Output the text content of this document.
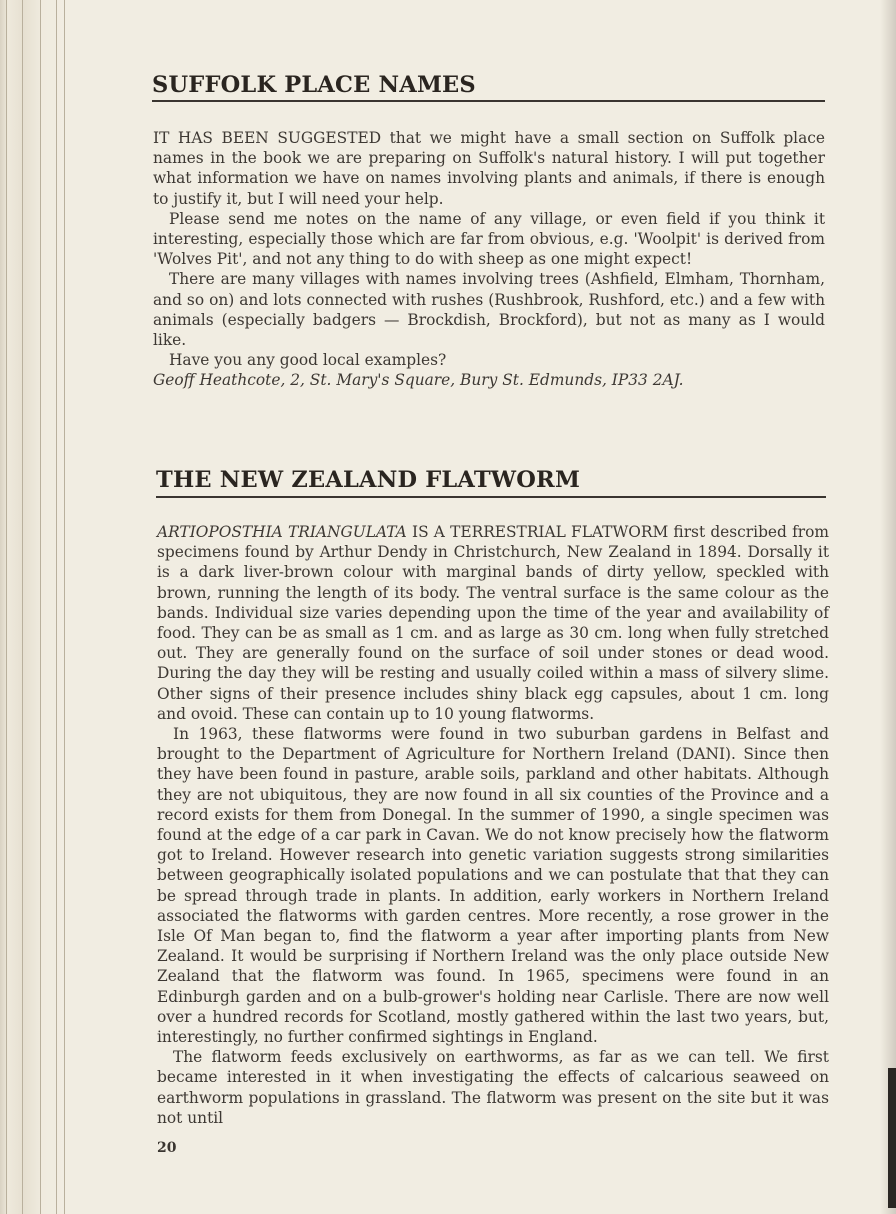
SUFFOLK PLACE NAMES

IT HAS BEEN SUGGESTED that we might have a small section on Suffolk place names in the book we are preparing on Suffolk's natural history. I will put together what information we have on names involving plants and animals, if there is enough to justify it, but I will need your help.

Please send me notes on the name of any village, or even field if you think it interesting, especially those which are far from obvious, e.g. 'Woolpit' is derived from 'Wolves Pit', and not any thing to do with sheep as one might expect!

There are many villages with names involving trees (Ashfield, Elmham, Thornham, and so on) and lots connected with rushes (Rushbrook, Rushford, etc.) and a few with animals (especially badgers — Brockdish, Brockford), but not as many as I would like.

Have you any good local examples?

Geoff Heathcote, 2, St. Mary's Square, Bury St. Edmunds, IP33 2AJ.

THE NEW ZEALAND FLATWORM

ARTIOPOSTHIA TRIANGULATA IS A TERRESTRIAL FLATWORM first described from specimens found by Arthur Dendy in Christchurch, New Zealand in 1894. Dorsally it is a dark liver-brown colour with marginal bands of dirty yellow, speckled with brown, running the length of its body. The ventral surface is the same colour as the bands. Individual size varies depending upon the time of the year and availability of food. They can be as small as 1 cm. and as large as 30 cm. long when fully stretched out. They are generally found on the surface of soil under stones or dead wood. During the day they will be resting and usually coiled within a mass of silvery slime. Other signs of their presence includes shiny black egg capsules, about 1 cm. long and ovoid. These can contain up to 10 young flatworms.

In 1963, these flatworms were found in two suburban gardens in Belfast and brought to the Department of Agriculture for Northern Ireland (DANI). Since then they have been found in pasture, arable soils, parkland and other habitats. Although they are not ubiquitous, they are now found in all six counties of the Province and a record exists for them from Donegal. In the summer of 1990, a single specimen was found at the edge of a car park in Cavan. We do not know precisely how the flatworm got to Ireland. However research into genetic variation suggests strong similarities between geographically isolated populations and we can postulate that that they can be spread through trade in plants. In addition, early workers in Northern Ireland associated the flatworms with garden centres. More recently, a rose grower in the Isle Of Man began to, find the flatworm a year after importing plants from New Zealand. It would be surprising if Northern Ireland was the only place outside New Zealand that the flatworm was found. In 1965, specimens were found in an Edinburgh garden and on a bulb-grower's holding near Carlisle. There are now well over a hundred records for Scotland, mostly gathered within the last two years, but, interestingly, no further confirmed sightings in England.

The flatworm feeds exclusively on earthworms, as far as we can tell. We first became interested in it when investigating the effects of calcarious seaweed on earthworm populations in grassland. The flatworm was present on the site but it was not until

20
